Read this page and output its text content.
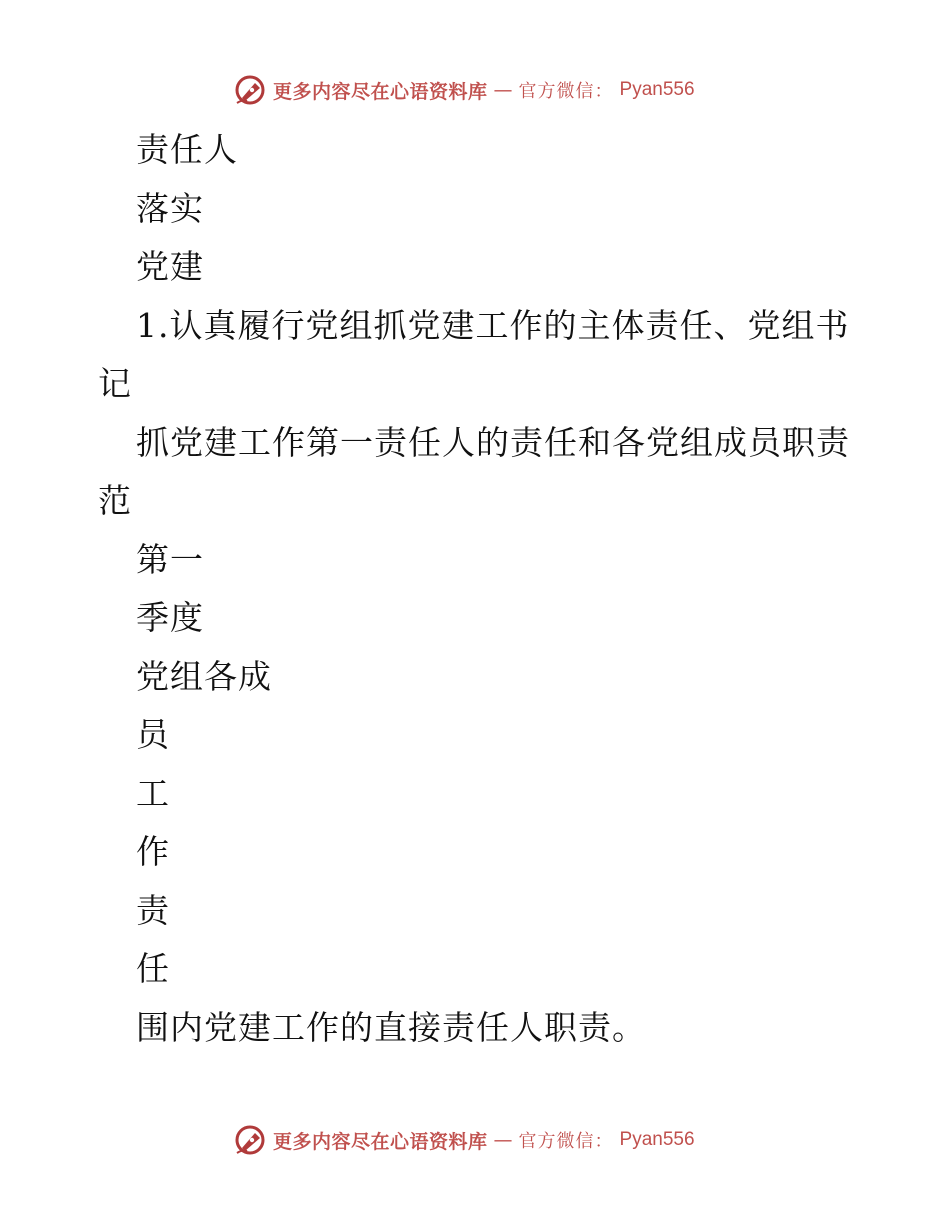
更多内容尽在心语资料库 — 官方微信： Pyan556
责任人
落实
党建
1.认真履行党组抓党建工作的主体责任、党组书
记
抓党建工作第一责任人的责任和各党组成员职责
范
第一
季度
党组各成
员
工
作
责
任
围内党建工作的直接责任人职责。
更多内容尽在心语资料库 — 官方微信： Pyan556
